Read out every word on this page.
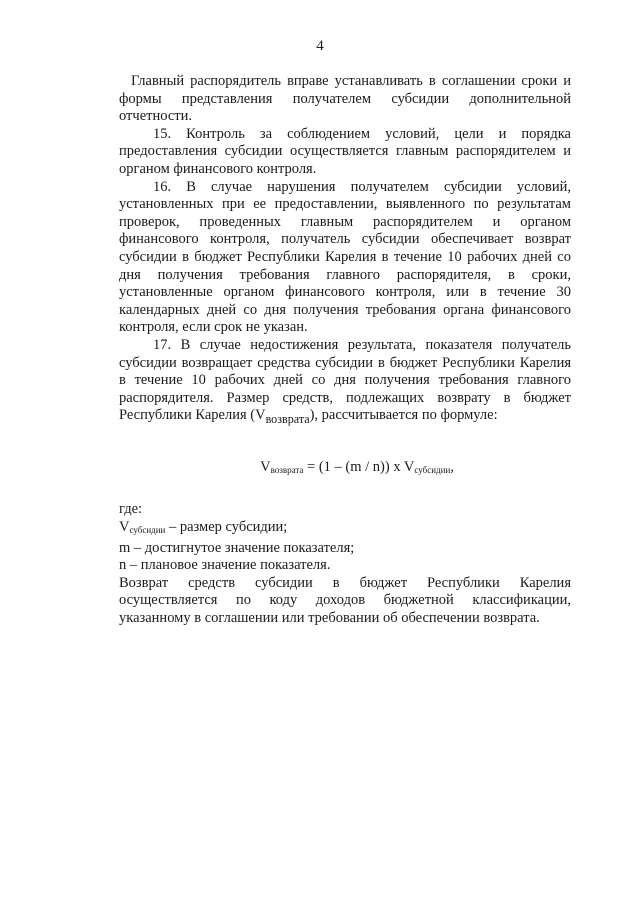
4

Главный распорядитель вправе устанавливать в соглашении сроки и формы представления получателем субсидии дополнительной отчетности.

15. Контроль за соблюдением условий, цели и порядка предоставления субсидии осуществляется главным распорядителем и органом финансового контроля.

16. В случае нарушения получателем субсидии условий, установленных при ее предоставлении, выявленного по результатам проверок, проведенных главным распорядителем и органом финансового контроля, получатель субсидии обеспечивает возврат субсидии в бюджет Республики Карелия в течение 10 рабочих дней со дня получения требования главного распорядителя, в сроки, установленные органом финансового контроля, или в течение 30 календарных дней со дня получения требования органа финансового контроля, если срок не указан.

17. В случае недостижения результата, показателя получатель субсидии возвращает средства субсидии в бюджет Республики Карелия в течение 10 рабочих дней со дня получения требования главного распорядителя. Размер средств, подлежащих возврату в бюджет Республики Карелия $(V_{возврата})$, рассчитывается по формуле:

$V_{возврата} = (1 - (m / n))$ x $V_{субсидии}$,

где:

$V_{субсидии}$ – размер субсидии;

m – достигнутое значение показателя;

n – плановое значение показателя.

Возврат средств субсидии в бюджет Республики Карелия осуществляется по коду доходов бюджетной классификации, указанному в соглашении или требовании об обеспечении возврата.
